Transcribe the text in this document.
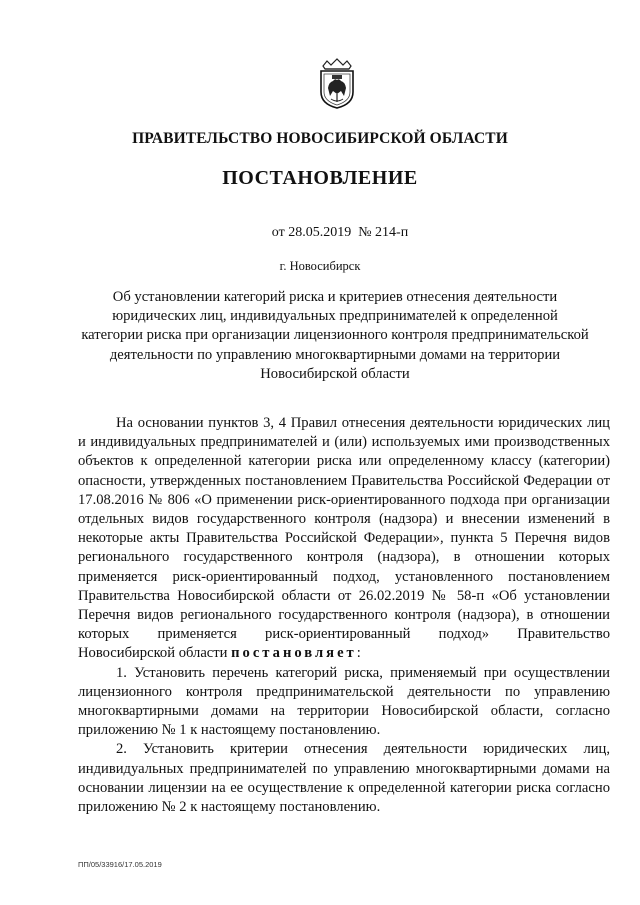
ПРАВИТЕЛЬСТВО НОВОСИБИРСКОЙ ОБЛАСТИ
ПОСТАНОВЛЕНИЕ
от 28.05.2019  № 214-п
г. Новосибирск
Об установлении категорий риска и критериев отнесения деятельности юридических лиц, индивидуальных предпринимателей к определенной категории риска при организации лицензионного контроля предпринимательской деятельности по управлению многоквартирными домами на территории Новосибирской области

На основании пунктов 3, 4 Правил отнесения деятельности юридических лиц и индивидуальных предпринимателей и (или) используемых ими производственных объектов к определенной категории риска или определенному классу (категории) опасности, утвержденных постановлением Правительства Российской Федерации от 17.08.2016 № 806 «О применении риск-ориентированного подхода при организации отдельных видов государственного контроля (надзора) и внесении изменений в некоторые акты Правительства Российской Федерации», пункта 5 Перечня видов регионального государственного контроля (надзора), в отношении которых применяется риск-ориентированный подход, установленного постановлением Правительства Новосибирской области от 26.02.2019 № 58-п «Об установлении Перечня видов регионального государственного контроля (надзора), в отношении которых применяется риск-ориентированный подход» Правительство Новосибирской области постановляет:

1. Установить перечень категорий риска, применяемый при осуществлении лицензионного контроля предпринимательской деятельности по управлению многоквартирными домами на территории Новосибирской области, согласно приложению № 1 к настоящему постановлению.

2. Установить критерии отнесения деятельности юридических лиц, индивидуальных предпринимателей по управлению многоквартирными домами на основании лицензии на ее осуществление к определенной категории риска согласно приложению № 2 к настоящему постановлению.

ПП/05/33916/17.05.2019
